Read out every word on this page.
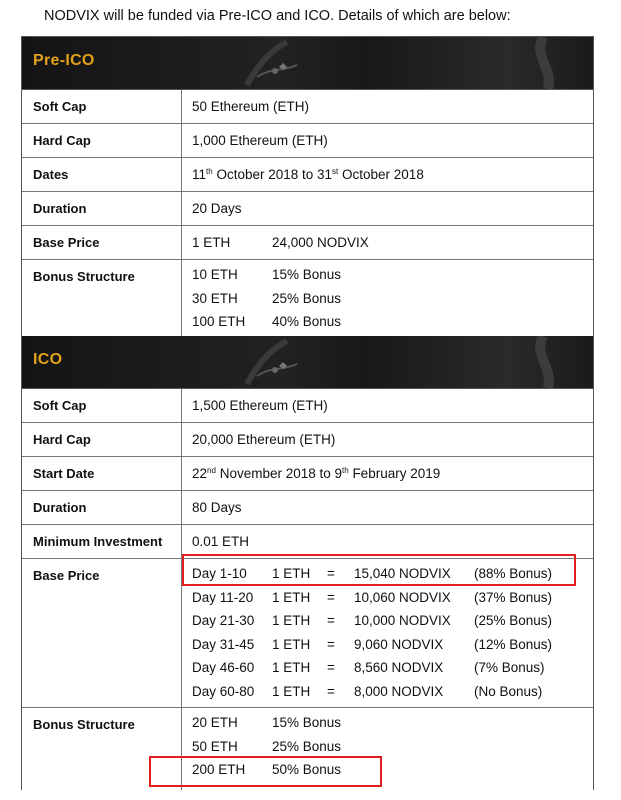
NODVIX will be funded via Pre-ICO and ICO. Details of which are below:
Pre-ICO
Soft Cap	50 Ethereum (ETH)
Hard Cap	1,000 Ethereum (ETH)
Dates	11th October 2018 to 31st October 2018
Duration	20 Days
Base Price	1 ETH	24,000 NODVIX
Bonus Structure	10 ETH	15% Bonus
30 ETH	25% Bonus
100 ETH 40% Bonus
ICO
Soft Cap	1,500 Ethereum (ETH)
Hard Cap	20,000 Ethereum (ETH)
Start Date	22nd November 2018 to 9th February 2019
Duration	80 Days
Minimum Investment	0.01 ETH
Base Price	Day 1-10 1 ETH = 15,040 NODVIX (88% Bonus)
Day 11-20 1 ETH = 10,060 NODVIX (37% Bonus)
Day 21-30 1 ETH = 10,000 NODVIX (25% Bonus)
Day 31-45 1 ETH = 9,060 NODVIX (12% Bonus)
Day 46-60 1 ETH = 8,560 NODVIX (7% Bonus)
Day 60-80 1 ETH = 8,000 NODVIX (No Bonus)
Bonus Structure	20 ETH	15% Bonus
50 ETH	25% Bonus
200 ETH 50% Bonus
